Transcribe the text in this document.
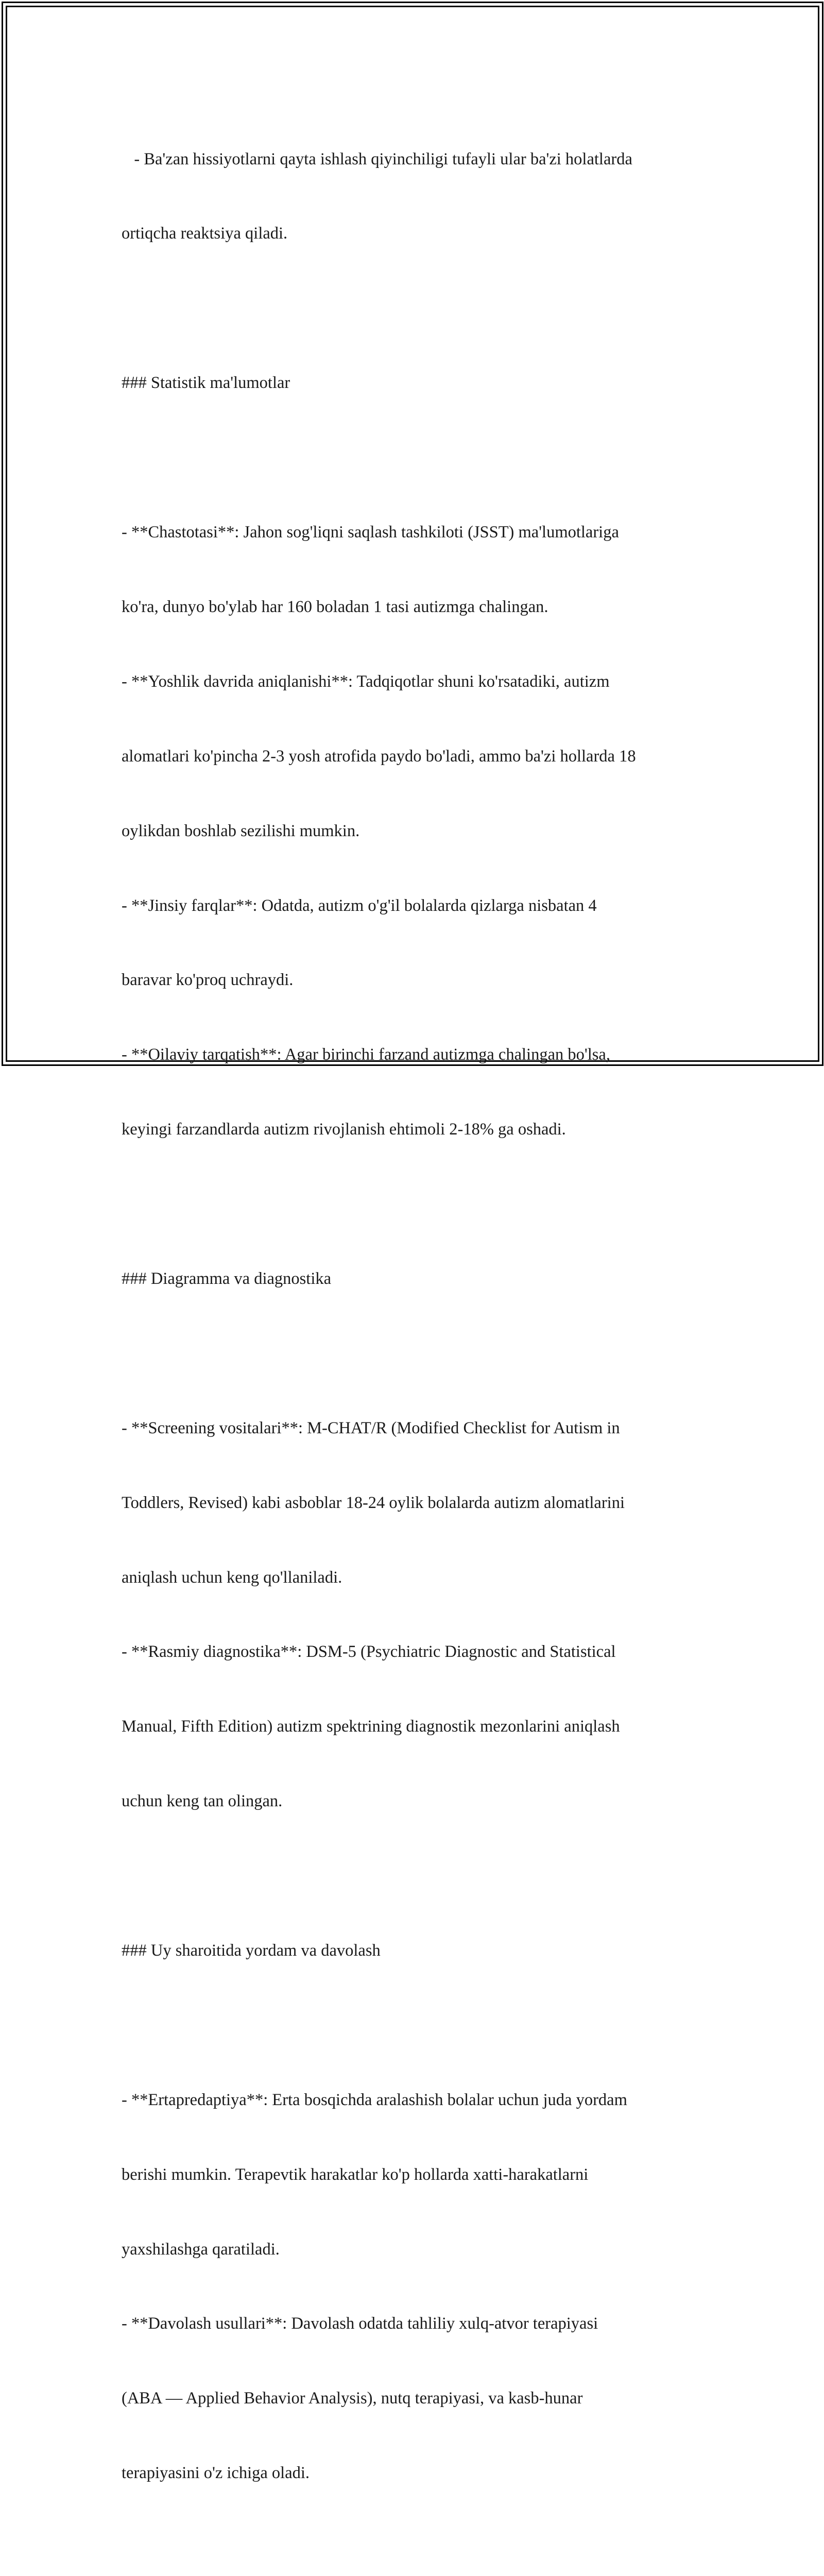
- Ba'zan hissiyotlarni qayta ishlash qiyinchiligi tufayli ular ba'zi holatlarda

ortiqcha reaktsiya qiladi.

### Statistik ma'lumotlar

- **Chastotasi**: Jahon sog'liqni saqlash tashkiloti (JSST) ma'lumotlariga

ko'ra, dunyo bo'ylab har 160 boladan 1 tasi autizmga chalingan.

- **Yoshlik davrida aniqlanishi**: Tadqiqotlar shuni ko'rsatadiki, autizm

alomatlari ko'pincha 2-3 yosh atrofida paydo bo'ladi, ammo ba'zi hollarda 18

oylikdan boshlab sezilishi mumkin.

- **Jinsiy farqlar**: Odatda, autizm o'g'il bolalarda qizlarga nisbatan 4

baravar ko'proq uchraydi.

- **Oilaviy tarqatish**: Agar birinchi farzand autizmga chalingan bo'lsa,

keyingi farzandlarda autizm rivojlanish ehtimoli 2-18% ga oshadi.

### Diagramma va diagnostika

- **Screening vositalari**: M-CHAT/R (Modified Checklist for Autism in

Toddlers, Revised) kabi asboblar 18-24 oylik bolalarda autizm alomatlarini

aniqlash uchun keng qo'llaniladi.

- **Rasmiy diagnostika**: DSM-5 (Psychiatric Diagnostic and Statistical

Manual, Fifth Edition) autizm spektrining diagnostik mezonlarini aniqlash

uchun keng tan olingan.

### Uy sharoitida yordam va davolash

- **Ertapredaptiya**: Erta bosqichda aralashish bolalar uchun juda yordam

berishi mumkin. Terapevtik harakatlar ko'p hollarda xatti-harakatlarni

yaxshilashga qaratiladi.

- **Davolash usullari**: Davolash odatda tahliliy xulq-atvor terapiyasi

(ABA — Applied Behavior Analysis), nutq terapiyasi, va kasb-hunar

terapiyasini o'z ichiga oladi.
